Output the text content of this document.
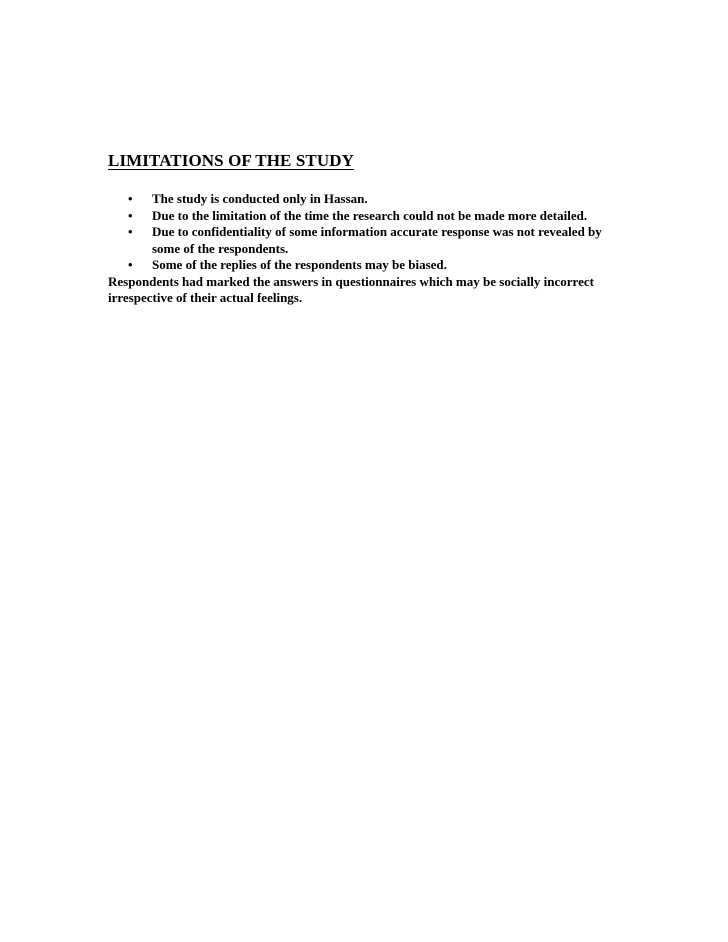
LIMITATIONS OF THE STUDY
• The study is conducted only in Hassan.
• Due to the limitation of the time the research could not be made more detailed.
• Due to confidentiality of some information accurate response was not revealed by some of the respondents.
• Some of the replies of the respondents may be biased.

Respondents had marked the answers in questionnaires which may be socially incorrect irrespective of their actual feelings.
